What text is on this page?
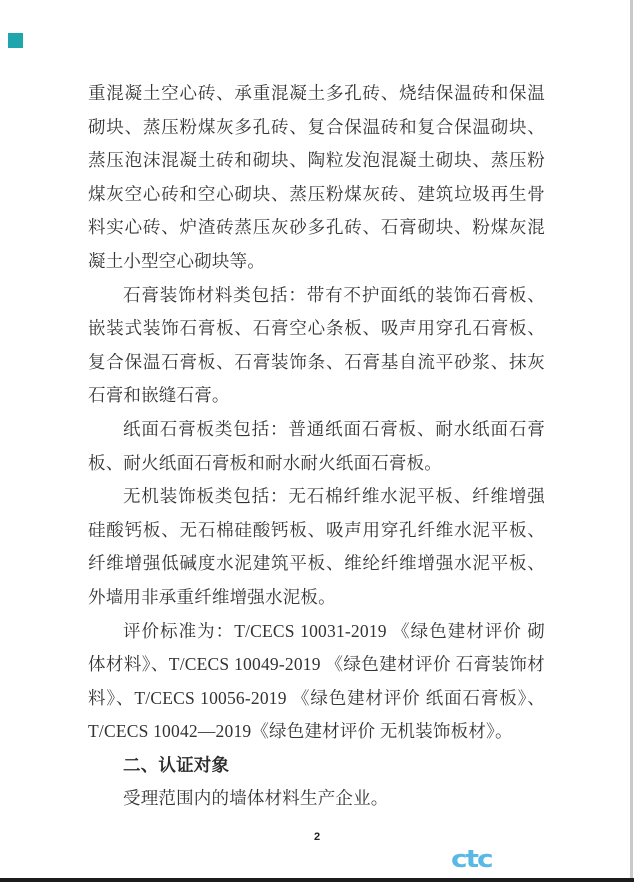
重混凝土空心砖、承重混凝土多孔砖、烧结保温砖和保温砌块、蒸压粉煤灰多孔砖、复合保温砖和复合保温砌块、蒸压泡沫混凝土砖和砌块、陶粒发泡混凝土砌块、蒸压粉煤灰空心砖和空心砌块、蒸压粉煤灰砖、建筑垃圾再生骨料实心砖、炉渣砖蒸压灰砂多孔砖、石膏砌块、粉煤灰混凝土小型空心砌块等。

石膏装饰材料类包括：带有不护面纸的装饰石膏板、嵌装式装饰石膏板、石膏空心条板、吸声用穿孔石膏板、复合保温石膏板、石膏装饰条、石膏基自流平砂浆、抹灰石膏和嵌缝石膏。

纸面石膏板类包括：普通纸面石膏板、耐水纸面石膏板、耐火纸面石膏板和耐水耐火纸面石膏板。

无机装饰板类包括：无石棉纤维水泥平板、纤维增强硅酸钙板、无石棉硅酸钙板、吸声用穿孔纤维水泥平板、纤维增强低碱度水泥建筑平板、维纶纤维增强水泥平板、外墙用非承重纤维增强水泥板。

评价标准为：T/CECS 10031-2019 《绿色建材评价 砌体材料》、T/CECS 10049-2019 《绿色建材评价 石膏装饰材料》、T/CECS 10056-2019 《绿色建材评价 纸面石膏板》、T/CECS 10042—2019《绿色建材评价 无机装饰板材》。

二、认证对象

受理范围内的墙体材料生产企业。

2
ctc
